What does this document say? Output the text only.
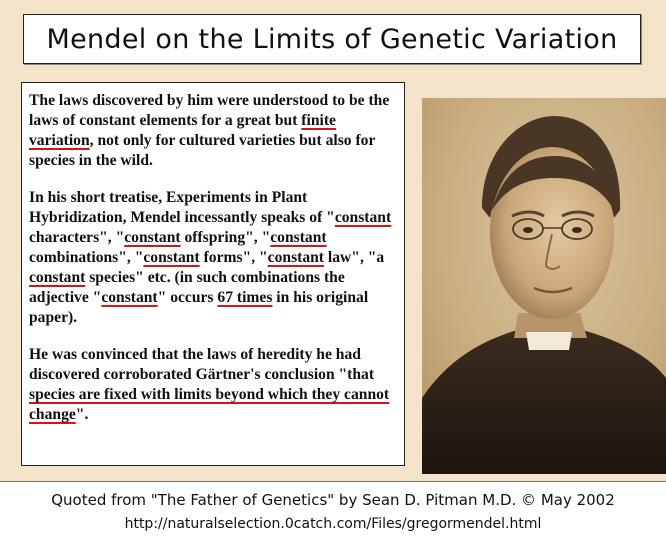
Mendel on the Limits of Genetic Variation

The laws discovered by him were understood to be the laws of constant elements for a great but finite variation, not only for cultured varieties but also for species in the wild.

In his short treatise, Experiments in Plant Hybridization, Mendel incessantly speaks of "constant characters", "constant offspring", "constant combinations", "constant forms", "constant law", "a constant species" etc. (in such combinations the adjective "constant" occurs 67 times in his original paper).

He was convinced that the laws of heredity he had discovered corroborated Gärtner's conclusion "that species are fixed with limits beyond which they cannot change".

Quoted from "The Father of Genetics" by Sean D. Pitman M.D. © May 2002
http://naturalselection.0catch.com/Files/gregormendel.html
